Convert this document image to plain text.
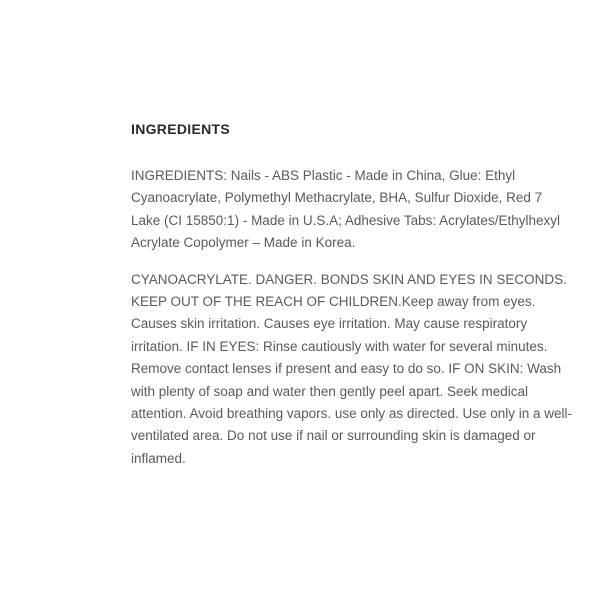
INGREDIENTS

INGREDIENTS: Nails - ABS Plastic - Made in China, Glue: Ethyl Cyanoacrylate, Polymethyl Methacrylate, BHA, Sulfur Dioxide, Red 7 Lake (CI 15850:1) - Made in U.S.A; Adhesive Tabs: Acrylates/Ethylhexyl Acrylate Copolymer – Made in Korea.

CYANOACRYLATE. DANGER. BONDS SKIN AND EYES IN SECONDS. KEEP OUT OF THE REACH OF CHILDREN.Keep away from eyes. Causes skin irritation. Causes eye irritation. May cause respiratory irritation. IF IN EYES: Rinse cautiously with water for several minutes. Remove contact lenses if present and easy to do so. IF ON SKIN: Wash with plenty of soap and water then gently peel apart. Seek medical attention. Avoid breathing vapors. use only as directed. Use only in a well-ventilated area. Do not use if nail or surrounding skin is damaged or inflamed.
